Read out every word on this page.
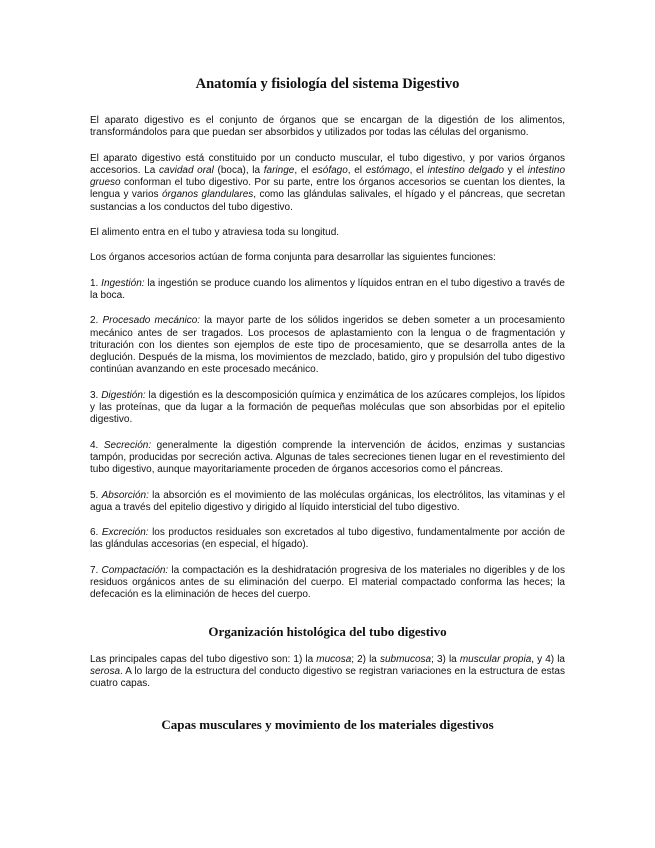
Anatomía y fisiología del sistema Digestivo

El aparato digestivo es el conjunto de órganos que se encargan de la digestión de los alimentos, transformándolos para que puedan ser absorbidos y utilizados por todas las células del organismo.

El aparato digestivo está constituido por un conducto muscular, el tubo digestivo, y por varios órganos accesorios. La cavidad oral (boca), la faringe, el esófago, el estómago, el intestino delgado y el intestino grueso conforman el tubo digestivo. Por su parte, entre los órganos accesorios se cuentan los dientes, la lengua y varios órganos glandulares, como las glándulas salivales, el hígado y el páncreas, que secretan sustancias a los conductos del tubo digestivo.

El alimento entra en el tubo y atraviesa toda su longitud.

Los órganos accesorios actúan de forma conjunta para desarrollar las siguientes funciones:

1. Ingestión: la ingestión se produce cuando los alimentos y líquidos entran en el tubo digestivo a través de la boca.

2. Procesado mecánico: la mayor parte de los sólidos ingeridos se deben someter a un procesamiento mecánico antes de ser tragados. Los procesos de aplastamiento con la lengua o de fragmentación y trituración con los dientes son ejemplos de este tipo de procesamiento, que se desarrolla antes de la deglución. Después de la misma, los movimientos de mezclado, batido, giro y propulsión del tubo digestivo continúan avanzando en este procesado mecánico.

3. Digestión: la digestión es la descomposición química y enzimática de los azúcares complejos, los lípidos y las proteínas, que da lugar a la formación de pequeñas moléculas que son absorbidas por el epitelio digestivo.

4. Secreción: generalmente la digestión comprende la intervención de ácidos, enzimas y sustancias tampón, producidas por secreción activa. Algunas de tales secreciones tienen lugar en el revestimiento del tubo digestivo, aunque mayoritariamente proceden de órganos accesorios como el páncreas.

5. Absorción: la absorción es el movimiento de las moléculas orgánicas, los electrólitos, las vitaminas y el agua a través del epitelio digestivo y dirigido al líquido intersticial del tubo digestivo.

6. Excreción: los productos residuales son excretados al tubo digestivo, fundamentalmente por acción de las glándulas accesorias (en especial, el hígado).

7. Compactación: la compactación es la deshidratación progresiva de los materiales no digeribles y de los residuos orgánicos antes de su eliminación del cuerpo. El material compactado conforma las heces; la defecación es la eliminación de heces del cuerpo.

Organización histológica del tubo digestivo

Las principales capas del tubo digestivo son: 1) la mucosa; 2) la submucosa; 3) la muscular propia, y 4) la serosa. A lo largo de la estructura del conducto digestivo se registran variaciones en la estructura de estas cuatro capas.

Capas musculares y movimiento de los materiales digestivos
